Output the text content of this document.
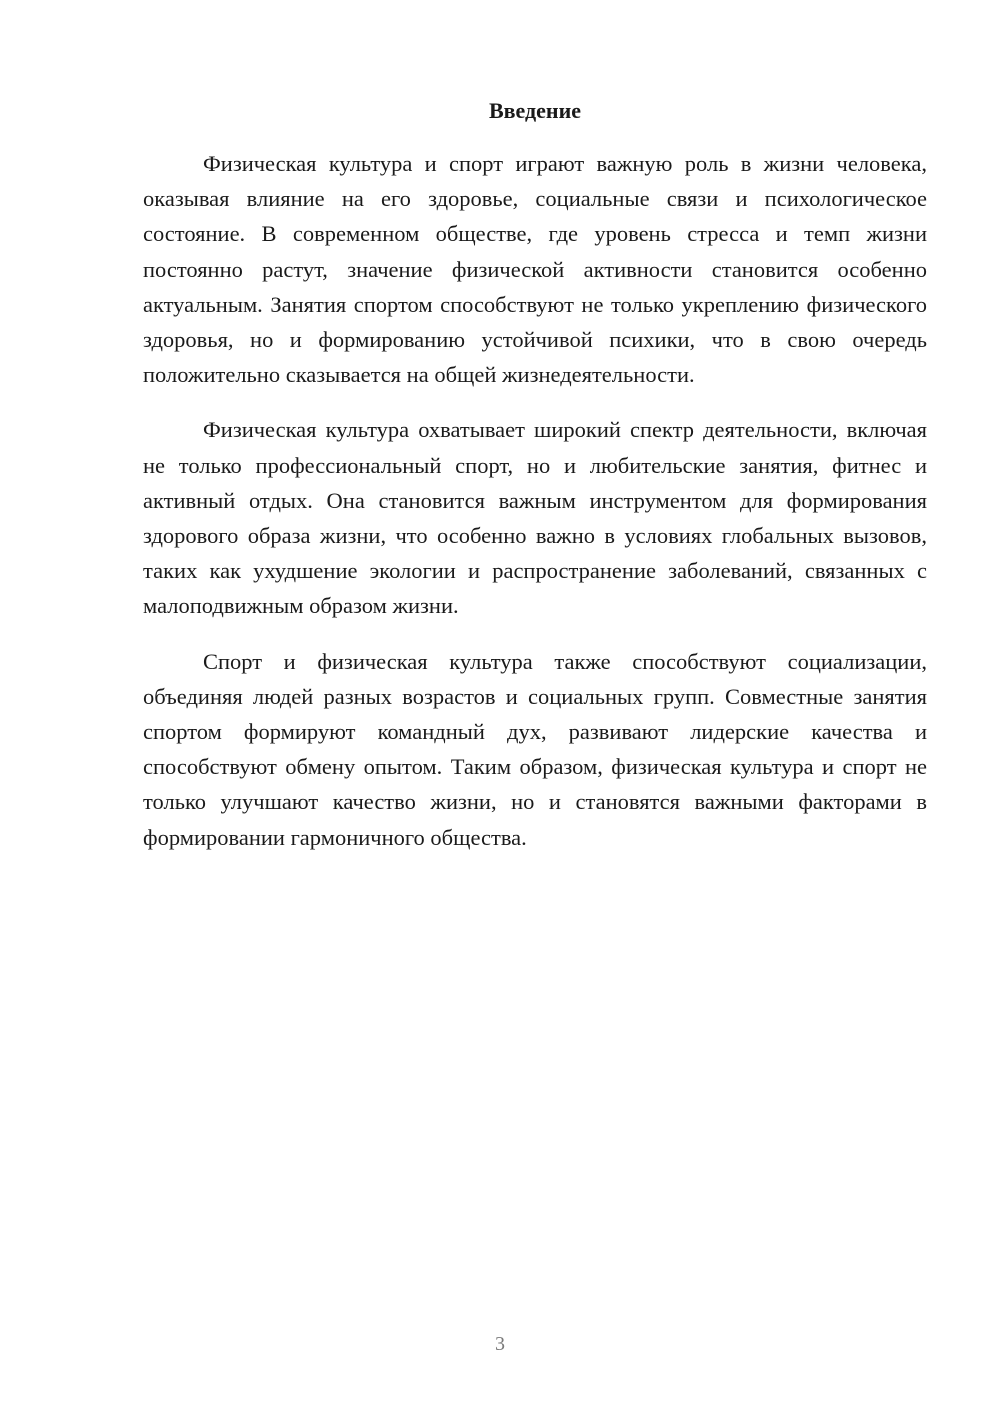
Введение

Физическая культура и спорт играют важную роль в жизни человека, оказывая влияние на его здоровье, социальные связи и психологическое состояние. В современном обществе, где уровень стресса и темп жизни постоянно растут, значение физической активности становится особенно актуальным. Занятия спортом способствуют не только укреплению физического здоровья, но и формированию устойчивой психики, что в свою очередь положительно сказывается на общей жизнедеятельности.

Физическая культура охватывает широкий спектр деятельности, включая не только профессиональный спорт, но и любительские занятия, фитнес и активный отдых. Она становится важным инструментом для формирования здорового образа жизни, что особенно важно в условиях глобальных вызовов, таких как ухудшение экологии и распространение заболеваний, связанных с малоподвижным образом жизни.

Спорт и физическая культура также способствуют социализации, объединяя людей разных возрастов и социальных групп. Совместные занятия спортом формируют командный дух, развивают лидерские качества и способствуют обмену опытом. Таким образом, физическая культура и спорт не только улучшают качество жизни, но и становятся важными факторами в формировании гармоничного общества.

3
